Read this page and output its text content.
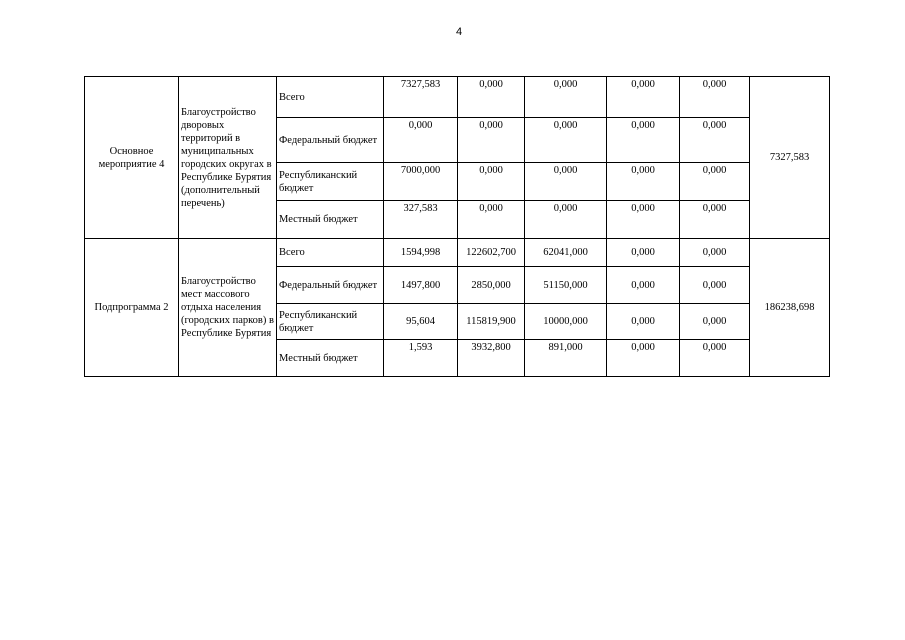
4
Основное мероприятие 4	Благоустройство дворовых территорий в муниципальных городских округах в Республике Бурятия (дополнительный перечень)	Всего	7327,583	0,000	0,000	0,000	0,000	7327,583
		Федеральный бюджет	0,000	0,000	0,000	0,000	0,000	
		Республиканский бюджет	7000,000	0,000	0,000	0,000	0,000	
		Местный бюджет	327,583	0,000	0,000	0,000	0,000	
Подпрограмма 2	Благоустройство мест массового отдыха населения (городских парков) в Республике Бурятия	Всего	1594,998	122602,700	62041,000	0,000	0,000	186238,698
		Федеральный бюджет	1497,800	2850,000	51150,000	0,000	0,000	
		Республиканский бюджет	95,604	115819,900	10000,000	0,000	0,000	
		Местный бюджет	1,593	3932,800	891,000	0,000	0,000	
